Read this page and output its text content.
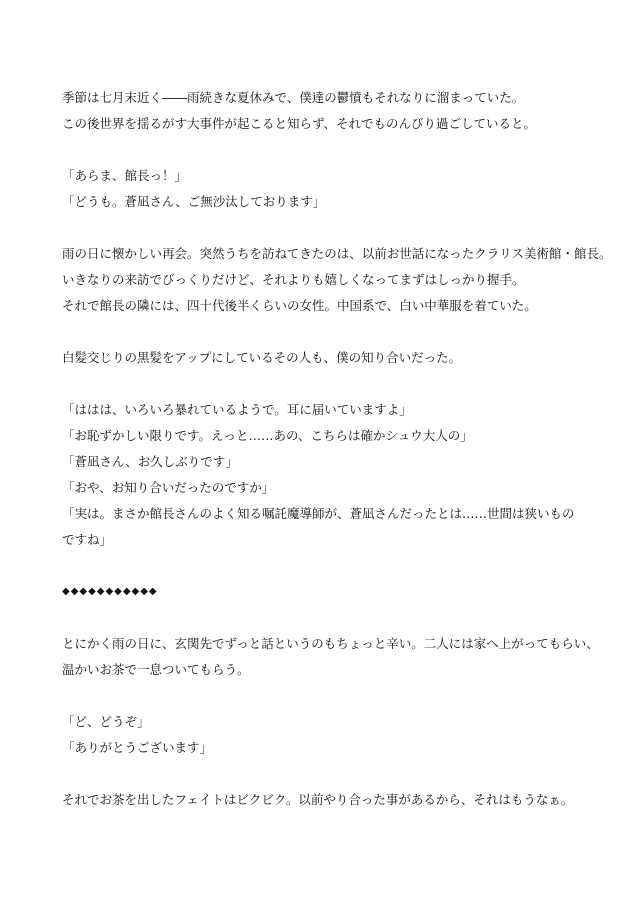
季節は七月末近く――雨続きな夏休みで、僕達の鬱憤もそれなりに溜まっていた。
この後世界を揺るがす大事件が起こると知らず、それでものんびり過ごしていると。
「あらま、館長っ！」
「どうも。蒼凪さん、ご無沙汰しております」
雨の日に懐かしい再会。突然うちを訪ねてきたのは、以前お世話になったクラリス美術館・館長。
いきなりの来訪でびっくりだけど、それよりも嬉しくなってまずはしっかり握手。
それで館長の隣には、四十代後半くらいの女性。中国系で、白い中華服を着ていた。
白髪交じりの黒髪をアップにしているその人も、僕の知り合いだった。
「ははは、いろいろ暴れているようで。耳に届いていますよ」
「お恥ずかしい限りです。えっと……あの、こちらは確かシュウ大人の」
「蒼凪さん、お久しぶりです」
「おや、お知り合いだったのですか」
「実は。まさか館長さんのよく知る嘱託魔導師が、蒼凪さんだったとは……世間は狭いものですね」
◆◆◆◆◆◆◆◆◆◆◆
とにかく雨の日に、玄関先でずっと話というのもちょっと辛い。二人には家へ上がってもらい、
温かいお茶で一息ついてもらう。
「ど、どうぞ」
「ありがとうございます」
それでお茶を出したフェイトはビクビク。以前やり合った事があるから、それはもうなぁ。
